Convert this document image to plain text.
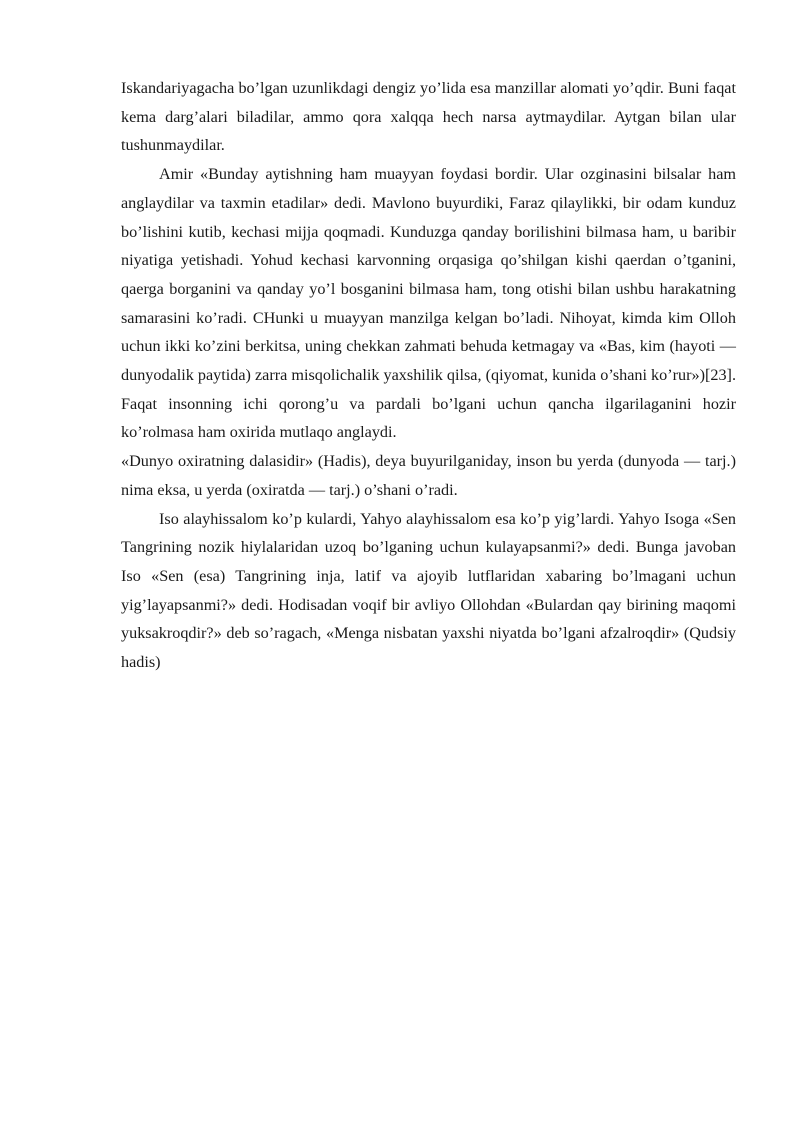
Iskandariyagacha bo’lgan uzunlikdagi dengiz yo’lida esa manzillar alomati yo’qdir. Buni faqat kema darg’alari biladilar, ammo qora xalqqa hech narsa aytmaydilar. Aytgan bilan ular tushunmaydilar.

Amir «Bunday aytishning ham muayyan foydasi bordir. Ular ozginasini bilsalar ham anglaydilar va taxmin etadilar» dedi. Mavlono buyurdiki, Faraz qilaylikki, bir odam kunduz bo’lishini kutib, kechasi mijja qoqmadi. Kunduzga qanday borilishini bilmasa ham, u baribir niyatiga yetishadi. Yohud kechasi karvonning orqasiga qo’shilgan kishi qaerdan o’tganini, qaerga borganini va qanday yo’l bosganini bilmasa ham, tong otishi bilan ushbu harakatning samarasini ko’radi. CHunki u muayyan manzilga kelgan bo’ladi. Nihoyat, kimda kim Olloh uchun ikki ko’zini berkitsa, uning chekkan zahmati behuda ketmagay va «Bas, kim (hayoti — dunyodalik paytida) zarra misqolichalik yaxshilik qilsa, (qiyomat, kunida o’shani ko’rur»)[23]. Faqat insonning ichi qorong’u va pardali bo’lgani uchun qancha ilgarilaganini hozir ko’rolmasa ham oxirida mutlaqo anglaydi.

«Dunyo oxiratning dalasidir» (Hadis), deya buyurilganiday, inson bu yerda (dunyoda — tarj.) nima eksa, u yerda (oxiratda — tarj.) o’shani o’radi.

Iso alayhissalom ko’p kulardi, Yahyo alayhissalom esa ko’p yig’lardi. Yahyo Isoga «Sen Tangrining nozik hiylalaridan uzoq bo’lganing uchun kulayapsanmi?» dedi. Bunga javoban Iso «Sen (esa) Tangrining inja, latif va ajoyib lutflaridan xabaring bo’lmagani uchun yig’layapsanmi?» dedi. Hodisadan voqif bir avliyo Ollohdan «Bulardan qay birining maqomi yuksakroqdir?» deb so’ragach, «Menga nisbatan yaxshi niyatda bo’lgani afzalroqdir» (Qudsiy hadis)
